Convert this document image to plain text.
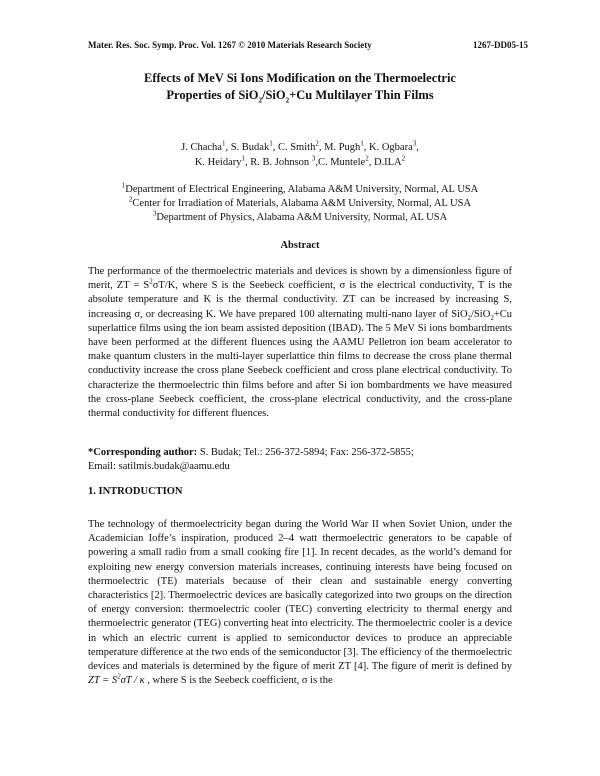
Mater. Res. Soc. Symp. Proc. Vol. 1267 © 2010 Materials Research Society	1267-DD05-15
Effects of MeV Si Ions Modification on the Thermoelectric
Properties of SiO$_2$/SiO$_2$+Cu Multilayer Thin Films
J. Chacha$^1$, S. Budak$^1$, C. Smith$^2$, M. Pugh$^1$, K. Ogbara$^3$,
K. Heidary$^1$, R. B. Johnson $^3$,C. Muntele$^2$, D.ILA$^2$
$^1$Department of Electrical Engineering, Alabama A&M University, Normal, AL USA
$^2$Center for Irradiation of Materials, Alabama A&M University, Normal, AL USA
$^3$Department of Physics, Alabama A&M University, Normal, AL USA
Abstract
The performance of the thermoelectric materials and devices is shown by a dimensionless figure of merit, ZT = $S^2\sigma T/K$, where S is the Seebeck coefficient, σ is the electrical conductivity, T is the absolute temperature and K is the thermal conductivity. ZT can be increased by increasing S, increasing σ, or decreasing K. We have prepared 100 alternating multi-nano layer of SiO$_2$/SiO$_2$+Cu superlattice films using the ion beam assisted deposition (IBAD). The 5 MeV Si ions bombardments have been performed at the different fluences using the AAMU Pelletron ion beam accelerator to make quantum clusters in the multi-layer superlattice thin films to decrease the cross plane thermal conductivity increase the cross plane Seebeck coefficient and cross plane electrical conductivity. To characterize the thermoelectric thin films before and after Si ion bombardments we have measured the cross-plane Seebeck coefficient, the cross-plane electrical conductivity, and the cross-plane thermal conductivity for different fluences.
*Corresponding author: S. Budak; Tel.: 256-372-5894; Fax: 256-372-5855;
Email: satilmis.budak@aamu.edu
1. INTRODUCTION
The technology of thermoelectricity began during the World War II when Soviet Union, under the Academician Ioffe’s inspiration, produced 2–4 watt thermoelectric generators to be capable of powering a small radio from a small cooking fire [1]. In recent decades, as the world’s demand for exploiting new energy conversion materials increases, continuing interests have being focused on thermoelectric (TE) materials because of their clean and sustainable energy converting characteristics [2]. Thermoelectric devices are basically categorized into two groups on the direction of energy conversion: thermoelectric cooler (TEC) converting electricity to thermal energy and thermoelectric generator (TEG) converting heat into electricity. The thermoelectric cooler is a device in which an electric current is applied to semiconductor devices to produce an appreciable temperature difference at the two ends of the semiconductor [3]. The efficiency of the thermoelectric devices and materials is determined by the figure of merit ZT [4]. The figure of merit is defined by ZT = $S^2\sigma T$ / κ , where S is the Seebeck coefficient, σ is the
